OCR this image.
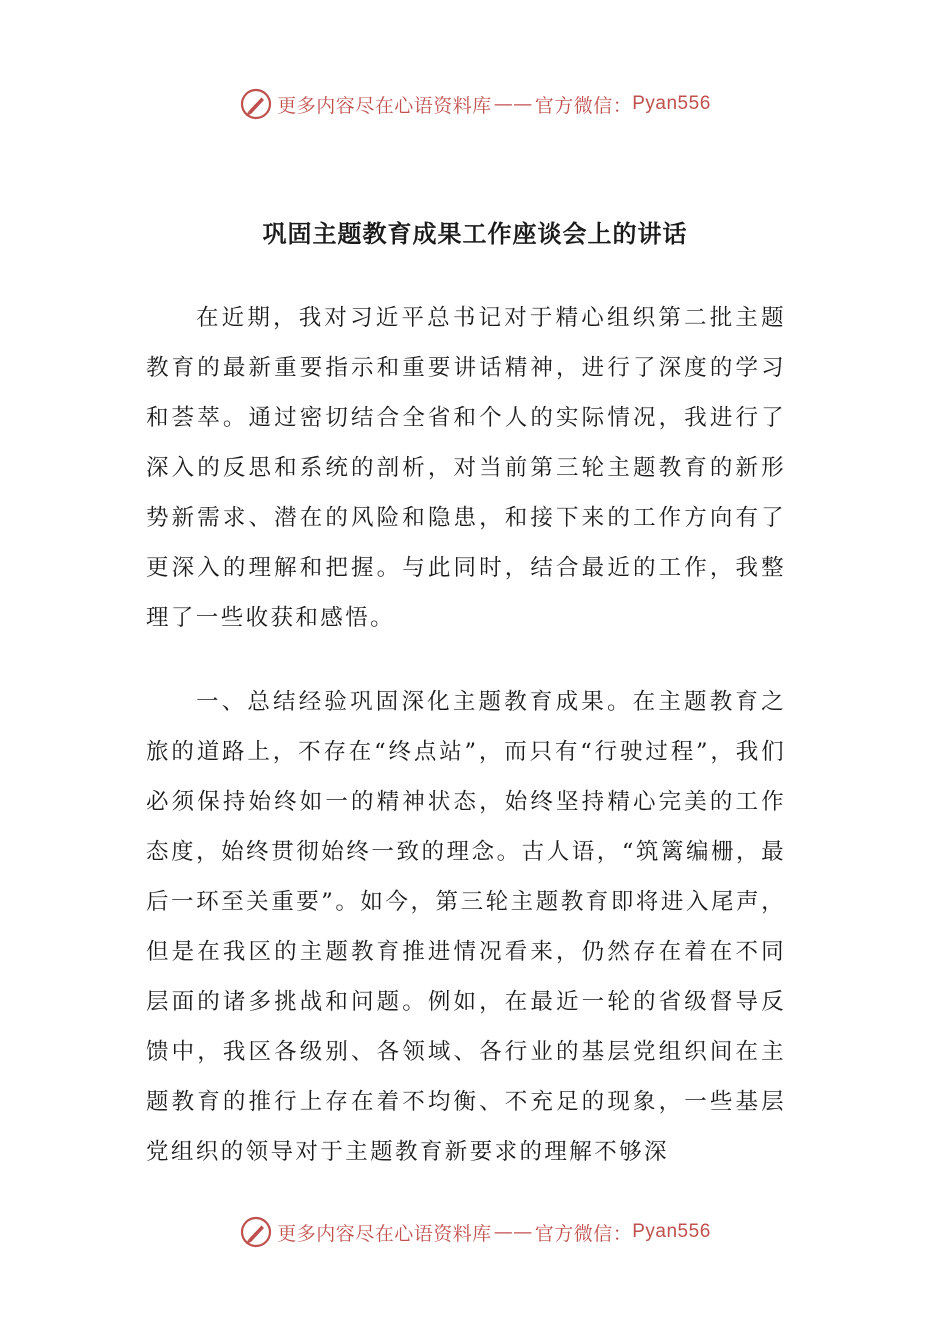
更多内容尽在心语资料库 —— 官方微信： Pyan556
巩固主题教育成果工作座谈会上的讲话

在近期，我对习近平总书记对于精心组织第二批主题教育的最新重要指示和重要讲话精神，进行了深度的学习和荟萃。通过密切结合全省和个人的实际情况，我进行了深入的反思和系统的剖析，对当前第三轮主题教育的新形势新需求、潜在的风险和隐患，和接下来的工作方向有了更深入的理解和把握。与此同时，结合最近的工作，我整理了一些收获和感悟。

一、总结经验巩固深化主题教育成果。在主题教育之旅的道路上，不存在“终点站”，而只有“行驶过程”，我们必须保持始终如一的精神状态，始终坚持精心完美的工作态度，始终贯彻始终一致的理念。古人语，“筑篱编栅，最后一环至关重要”。如今，第三轮主题教育即将进入尾声，但是在我区的主题教育推进情况看来，仍然存在着在不同层面的诸多挑战和问题。例如，在最近一轮的省级督导反馈中，我区各级别、各领域、各行业的基层党组织间在主题教育的推行上存在着不均衡、不充足的现象，一些基层党组织的领导对于主题教育新要求的理解不够深

更多内容尽在心语资料库 —— 官方微信： Pyan556
